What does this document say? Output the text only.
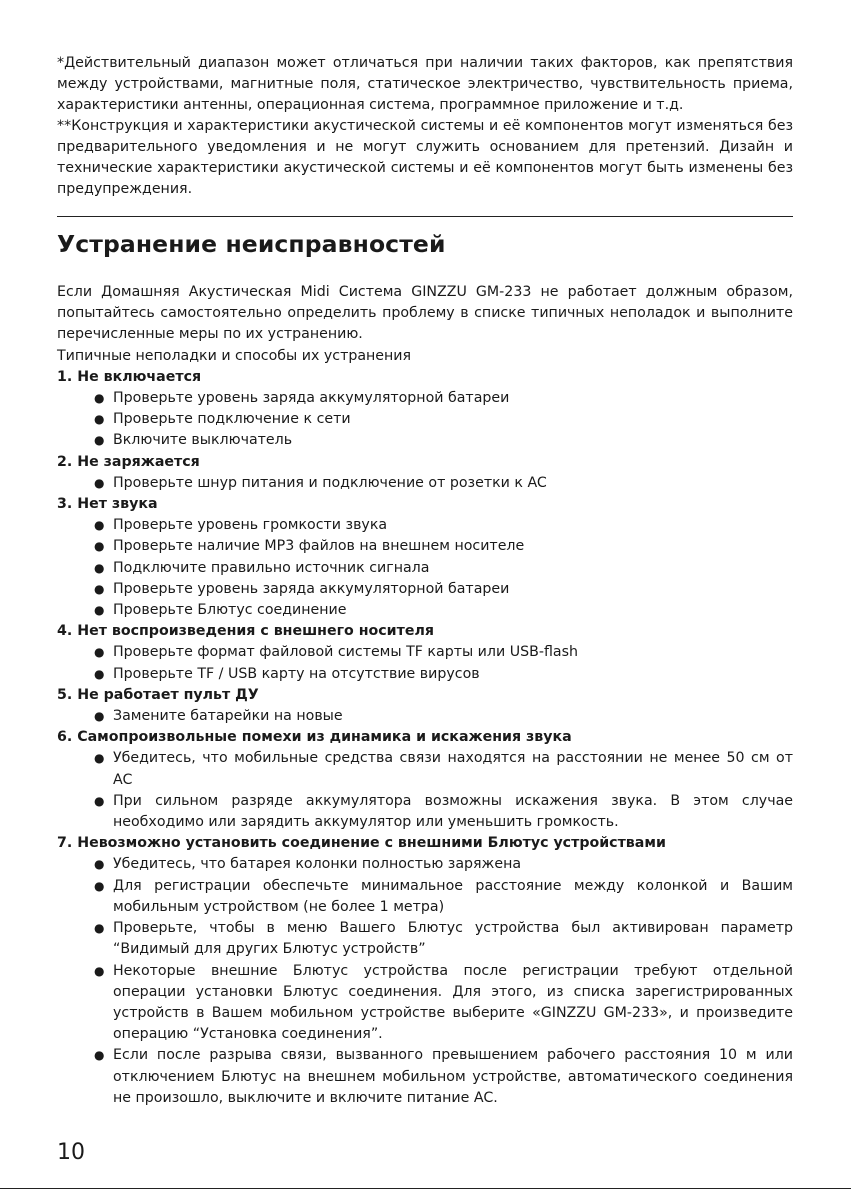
*Действительный диапазон может отличаться при наличии таких факторов, как препятствия между устройствами, магнитные поля, статическое электричество, чувствительность приема, характеристики антенны, операционная система, программное приложение и т.д.

**Конструкция и характеристики акустической системы и её компонентов могут изменяться без предварительного уведомления и не могут служить основанием для претензий. Дизайн и технические характеристики акустической системы и её компонентов могут быть изменены без предупреждения.

Устранение неисправностей

Если Домашняя Акустическая Midi Система GINZZU GM-233 не работает должным образом, попытайтесь самостоятельно определить проблему в списке типичных неполадок и выполните перечисленные меры по их устранению.

Типичные неполадки и способы их устранения

1. Не включается

● Проверьте уровень заряда аккумуляторной батареи
● Проверьте подключение к сети
● Включите выключатель

2. Не заряжается

● Проверьте шнур питания и подключение от розетки к AC

3. Нет звука

● Проверьте уровень громкости звука
● Проверьте наличие MP3 файлов на внешнем носителе
● Подключите правильно источник сигнала
● Проверьте уровень заряда аккумуляторной батареи
● Проверьте Блютус соединение

4. Нет воспроизведения с внешнего носителя

● Проверьте формат файловой системы TF карты или USB-flash
● Проверьте TF / USB карту на отсутствие вирусов

5. Не работает пульт ДУ

● Замените батарейки на новые

6. Самопроизвольные помехи из динамика и искажения звука

● Убедитесь, что мобильные средства связи находятся на расстоянии не менее 50 см от AC
● При сильном разряде аккумулятора возможны искажения звука. В этом случае необходимо или зарядить аккумулятор или уменьшить громкость.

7. Невозможно установить соединение с внешними Блютус устройствами

● Убедитесь, что батарея колонки полностью заряжена
● Для регистрации обеспечьте минимальное расстояние между колонкой и Вашим мобильным устройством (не более 1 метра)
● Проверьте, чтобы в меню Вашего Блютус устройства был активирован параметр “Видимый для других Блютус устройств”
● Некоторые внешние Блютус устройства после регистрации требуют отдельной операции установки Блютус соединения. Для этого, из списка зарегистрированных устройств в Вашем мобильном устройстве выберите «GINZZU GM-233», и произведите операцию “Установка соединения”.
● Если после разрыва связи, вызванного превышением рабочего расстояния 10 м или отключением Блютус на внешнем мобильном устройстве, автоматического соединения не произошло, выключите и включите питание AC.
10
